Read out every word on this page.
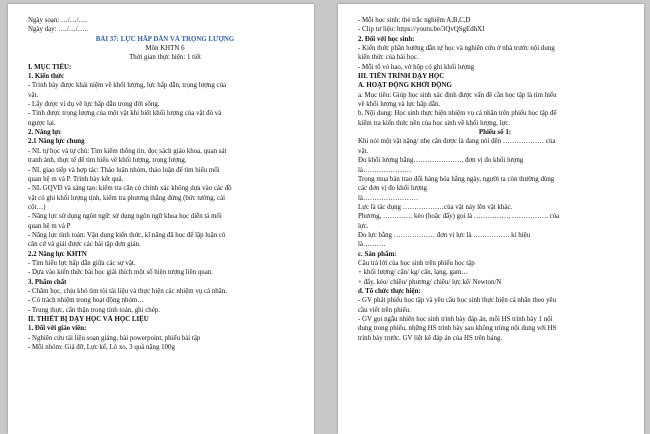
Ngày soạn: …/…/….
Ngày dạy: …./…/…..
BÀI 37: LỰC HẤP DẪN VÀ TRỌNG LƯỢNG
Môn KHTN 6
Thời gian thực hiện: 1 tiết
I. MỤC TIÊU:
1. Kiến thức
- Trình bày được khái niệm về khối lượng, lực hấp dẫn, trọng lượng của
vật.
- Lấy được ví dụ về lực hấp dẫn trong đời sống.
- Tính được trọng lượng của một vật khi biết khối lượng của vật đó và
ngược lại.
2. Năng lực
2.1 Năng lực chung
- NL tự học và tự chủ: Tìm kiếm thông tin, đọc sách giáo khoa, quan sát
tranh ảnh, thực tế để tìm hiểu về khối lượng, trọng lượng.
- NL giao tiếp và hợp tác: Thảo luận nhóm, thảo luận để tìm hiểu mối
quan hệ m và P. Trình bày kết quả.
- NL GQVĐ và sáng tạo: kiểm tra cân có chính xác không dựa vào các đồ
vật có ghi khối lượng tịnh, kiểm tra phương thẳng đứng (bức tường, cái
cột…)
- Năng lực sử dụng ngôn ngữ: sử dụng ngôn ngữ khoa học diễn tả mối
quan hệ m và P
- Năng lực tính toán: Vận dụng kiến thức, kĩ năng đã học để lập luận có
căn cứ và giải được các bài tập đơn giản.
2.2 Năng lực KHTN
- Tìm hiểu lực hấp dẫn giữa các sự vật.
- Dựa vào kiến thức bài học giải thích một số hiện tượng liên quan.
3. Phẩm chất
- Chăm học, chịu khó tìm tòi tài liệu và thực hiện các nhiệm vụ cá nhân.
- Có trách nhiệm trong hoạt động nhóm…
- Trung thực, cẩn thận trong tính toán, ghi chép.
II. THIẾT BỊ DẠY HỌC VÀ HỌC LIỆU
1. Đối với giáo viên:
- Nghiên cứu tài liệu soạn giảng, bài powerpoint, phiếu bài tập
- Mỗi nhóm: Giá đỡ, Lực kế, Lò xo, 3 quả nặng 100g
- Mỗi học sinh: thẻ trắc nghiệm A,B,C,D
- Clip tư liệu: https://youtu.be/3QvQSgEdhXI
2. Đối với học sinh:
- Kiến thức phần hướng dẫn tự học và nghiên cứu ở nhà trước nội dung
kiến thức của bài học.
- Mỗi tổ vỏ hao, vở hộp có ghi khối lượng
III. TIẾN TRÌNH DẠY HỌC
A. HOẠT ĐỘNG KHỞI ĐỘNG
a. Mục tiêu: Giúp học sinh xác định được vấn đề cần học tập là tìm hiểu
về khối lượng và lực hấp dẫn.
b. Nội dung: Học sinh thực hiện nhiệm vụ cá nhân trên phiếu học tập để
kiểm tra kiến thức nền của học sinh về khối lượng, lực.
Phiếu số 1:
Khi nói một vật nặng/ nhẹ cân được là đang nói đến ……………… của
vật.
Đo khối lượng bằng…………………, đơn vị đo khối lượng
là…………………
Trong mua bán trao đổi hàng hóa hằng ngày, người ta còn thường dùng
các đơn vị đo khối lượng
là……………………
Lực là tác dụng ………………của vật này lên vật khác.
Phương, …………. kéo (hoặc đẩy) gọi là ……………, ……………. của
lực.
Đo lực bằng ……………… đơn vị lực là ……………. kí hiệu
là……….
c. Sản phẩm:
Câu trả lời của học sinh trên phiếu học tập
+ khối lượng/ cân/ kg/ cân, lạng, gam…
+ đẩy, kéo/ chiều/ phương/ chiều/ lực kế/ Newton/N
d. Tổ chức thực hiện:
- GV phát phiếu học tập và yêu cầu học sinh thực hiện cá nhân theo yêu
cầu viết trên phiếu.
- GV gọi ngẫu nhiên học sinh trình bày đáp án, mỗi HS trình bày 1 nội
dung trong phiếu, những HS trình bày sau không trùng nội dung với HS
trình bày trước. GV liệt kê đáp án của HS trên bảng.
